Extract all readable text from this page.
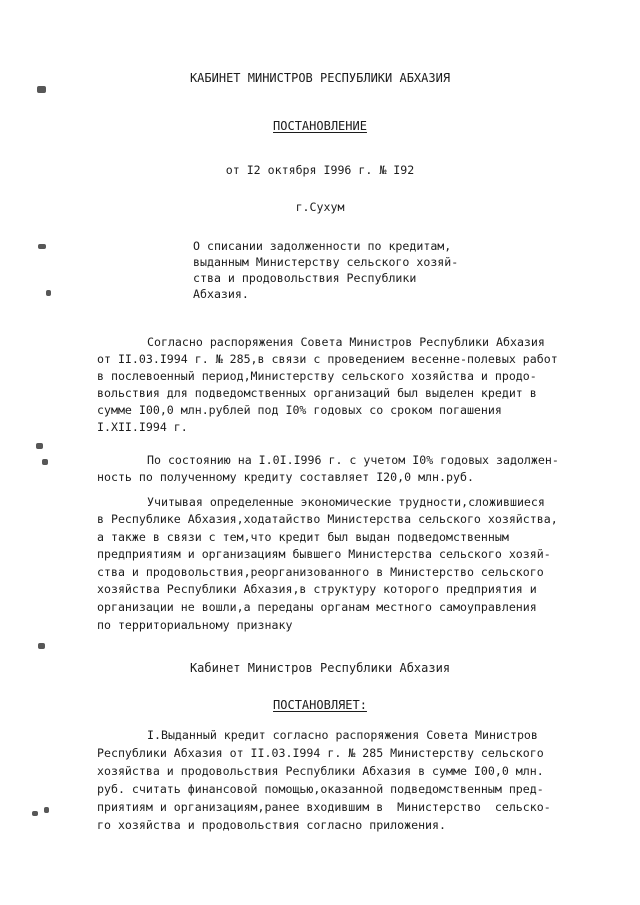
КАБИНЕТ МИНИСТРОВ РЕСПУБЛИКИ АБХАЗИЯ
ПОСТАНОВЛЕНИЕ
от I2 октября I996 г. № I92
г.Сухум
О списании задолженности по кредитам,
выданным Министерству сельского хозяй-
ства и продовольствия Республики
Абхазия.
Согласно распоряжения Совета Министров Республики Абхазия
от II.03.I994 г. № 285,в связи с проведением весенне-полевых работ
в послевоенный период,Министерству сельского хозяйства и продо-
вольствия для подведомственных организаций был выделен кредит в
сумме I00,0 млн.рублей под I0% годовых со сроком погашения
I.XII.I994 г.
По состоянию на I.0I.I996 г. с учетом I0% годовых задолжен-
ность по полученному кредиту составляет I20,0 млн.руб.
Учитывая определенные экономические трудности,сложившиеся
в Республике Абхазия,ходатайство Министерства сельского хозяйства,
а также в связи с тем,что кредит был выдан подведомственным
предприятиям и организациям бывшего Министерства сельского хозяй-
ства и продовольствия,реорганизованного в Министерство сельского
хозяйства Республики Абхазия,в структуру которого предприятия и
организации не вошли,а переданы органам местного самоуправления
по территориальному признаку
Кабинет Министров Республики Абхазия
ПОСТАНОВЛЯЕТ:
I.Выданный кредит согласно распоряжения Совета Министров
Республики Абхазия от II.03.I994 г. № 285 Министерству сельского
хозяйства и продовольствия Республики Абхазия в сумме I00,0 млн.
руб. считать финансовой помощью,оказанной подведомственным пред-
приятиям и организациям,ранее входившим в  Министерство  сельско-
го хозяйства и продовольствия согласно приложения.
